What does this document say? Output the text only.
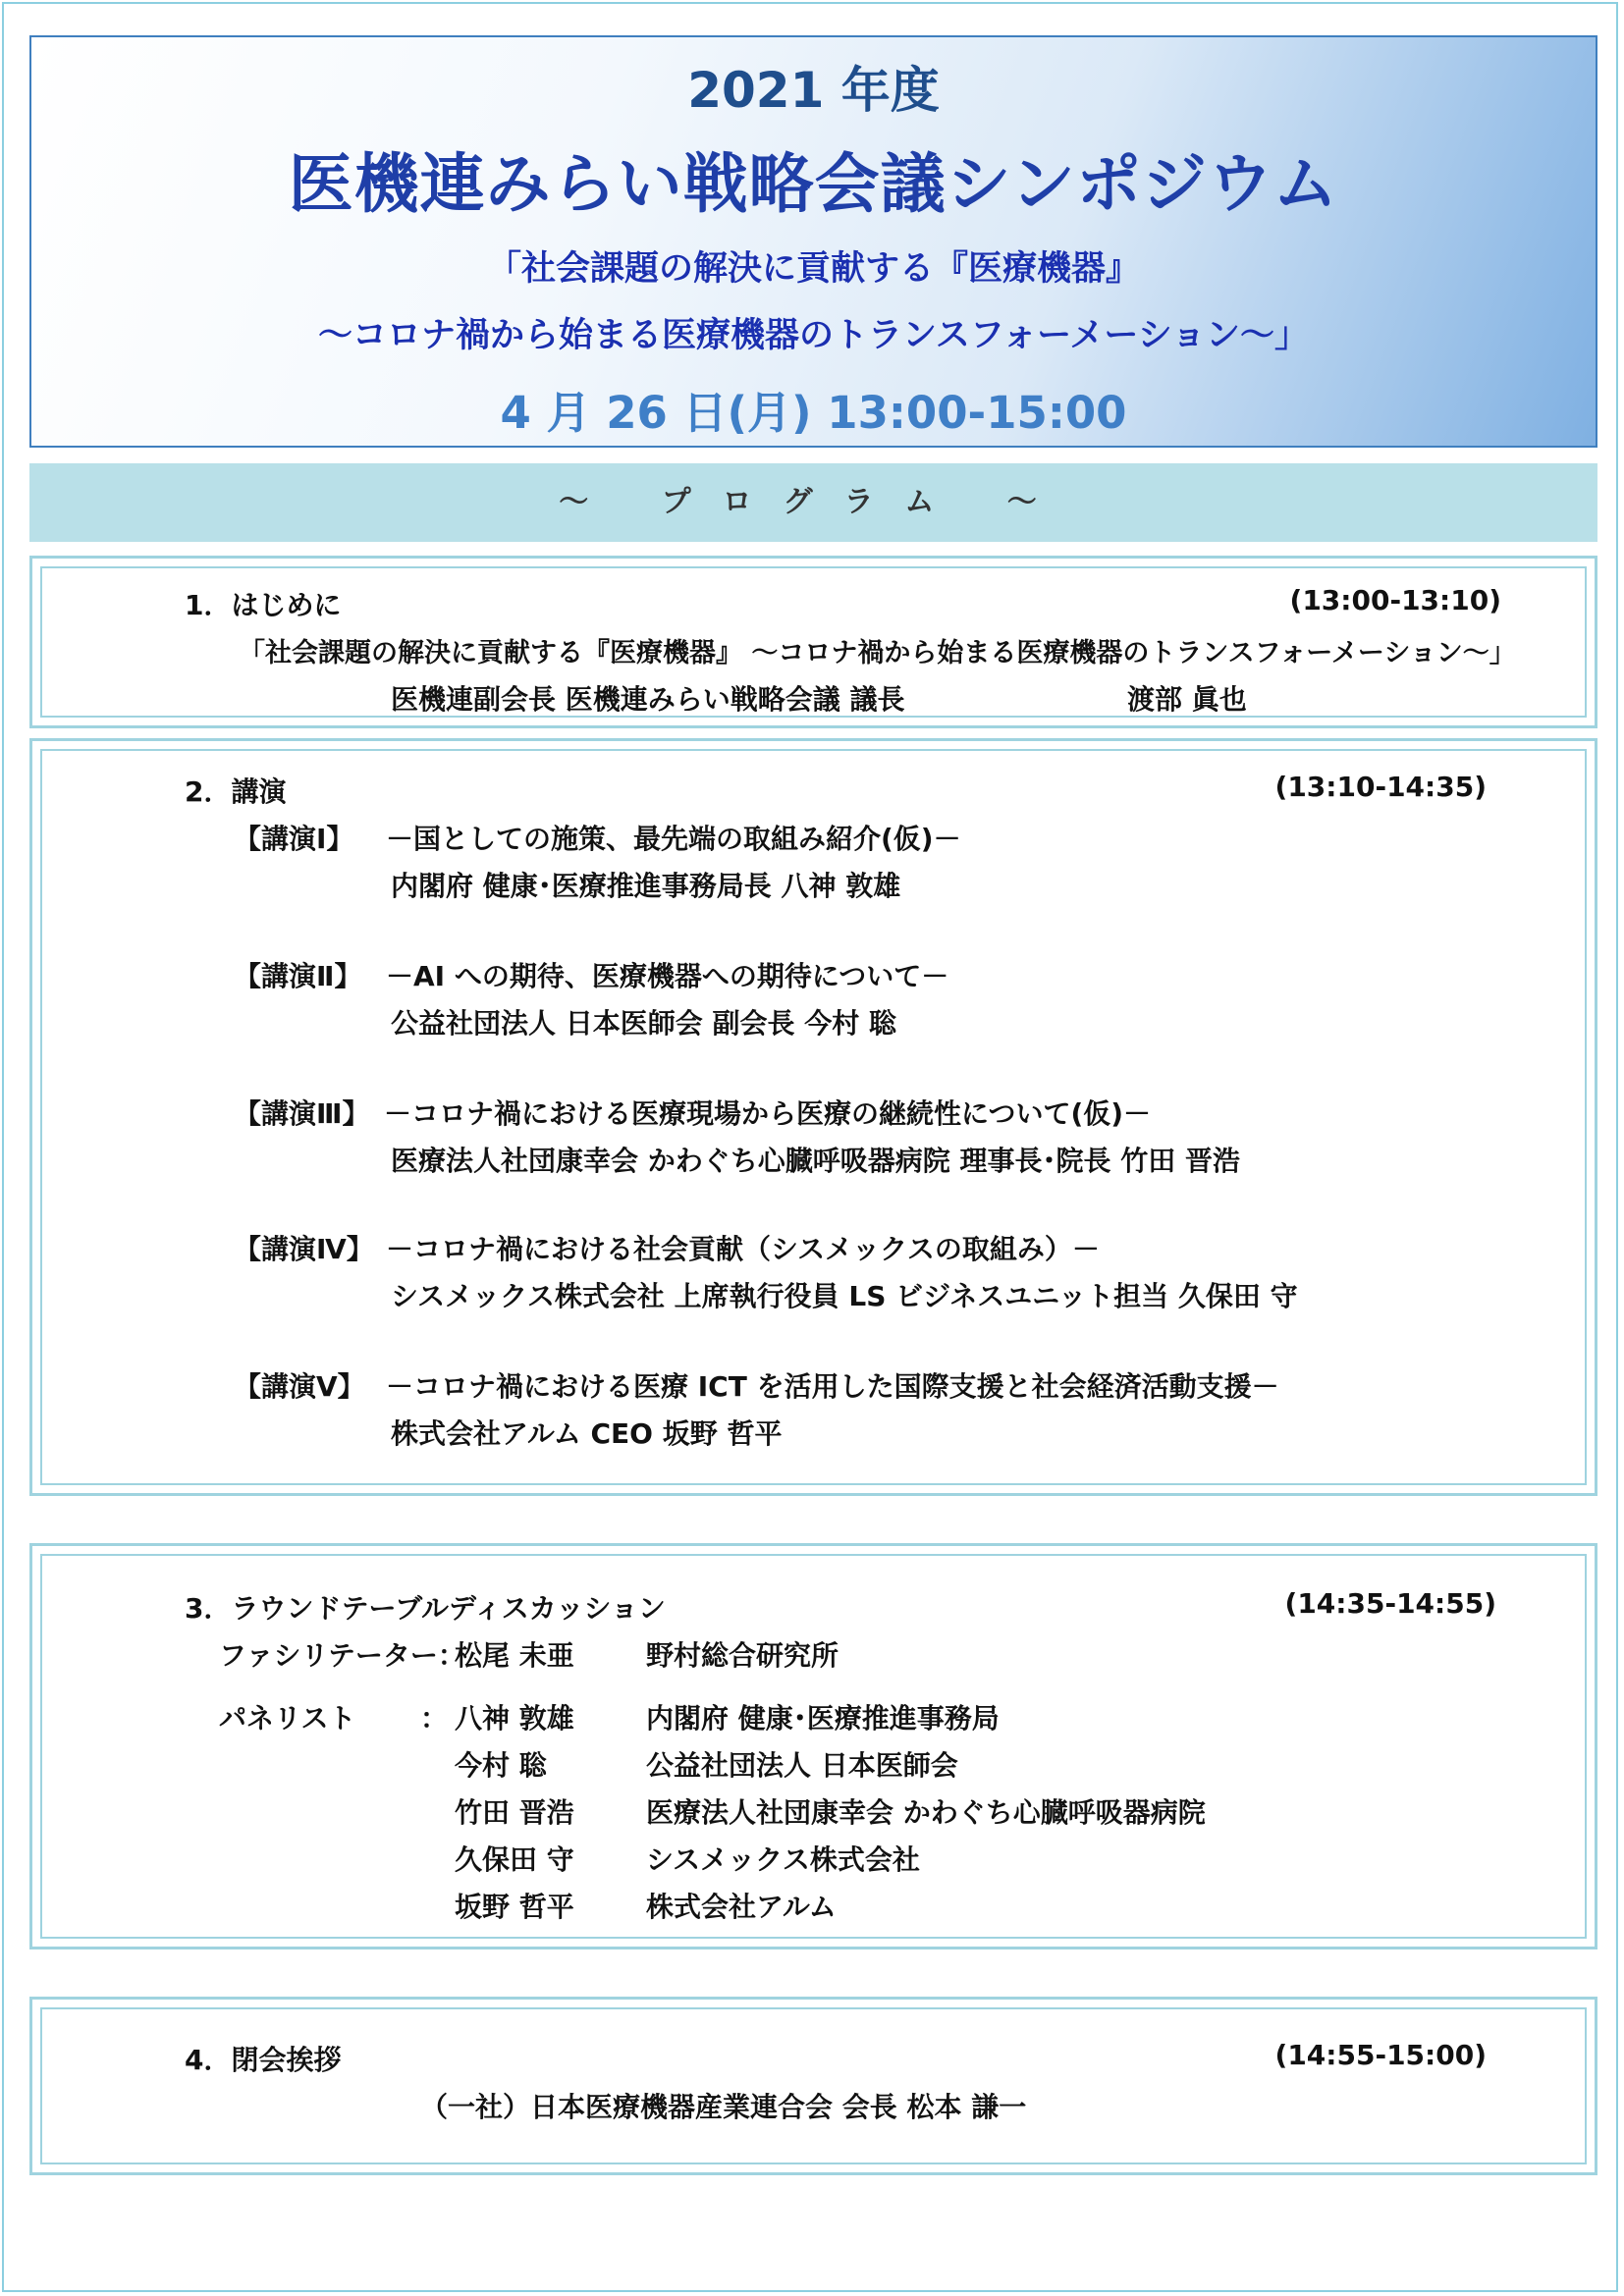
2021 年度
医機連みらい戦略会議シンポジウム
「社会課題の解決に貢献する『医療機器』
～コロナ禍から始まる医療機器のトランスフォーメーション～」
4 月 26 日(月) 13:00-15:00
～ プログラム ～
1．はじめに	(13:00-13:10)
「社会課題の解決に貢献する『医療機器』 ～コロナ禍から始まる医療機器のトランスフォーメーション～」
医機連副会長 医機連みらい戦略会議 議長	渡部 眞也
2．講演	(13:10-14:35)
【講演Ⅰ】 －国としての施策、最先端の取組み紹介(仮)－
内閣府 健康･医療推進事務局長 八神 敦雄
【講演Ⅱ】 －AI への期待、医療機器への期待について－
公益社団法人 日本医師会 副会長 今村 聡
【講演Ⅲ】 －コロナ禍における医療現場から医療の継続性について(仮)－
医療法人社団康幸会 かわぐち心臓呼吸器病院 理事長･院長 竹田 晋浩
【講演Ⅳ】 －コロナ禍における社会貢献（シスメックスの取組み）－
シスメックス株式会社 上席執行役員 LS ビジネスユニット担当 久保田 守
【講演Ⅴ】 －コロナ禍における医療 ICT を活用した国際支援と社会経済活動支援－
株式会社アルム CEO 坂野 哲平
3．ラウンドテーブルディスカッション	(14:35-14:55)
ファシリテーター：
松尾 未亜	野村総合研究所
パネリスト ： 八神 敦雄	内閣府 健康･医療推進事務局
今村 聡	公益社団法人 日本医師会
竹田 晋浩	医療法人社団康幸会 かわぐち心臓呼吸器病院
久保田 守	シスメックス株式会社
坂野 哲平	株式会社アルム
4．閉会挨拶	(14:55-15:00)
（一社）日本医療機器産業連合会 会長 松本 謙一
